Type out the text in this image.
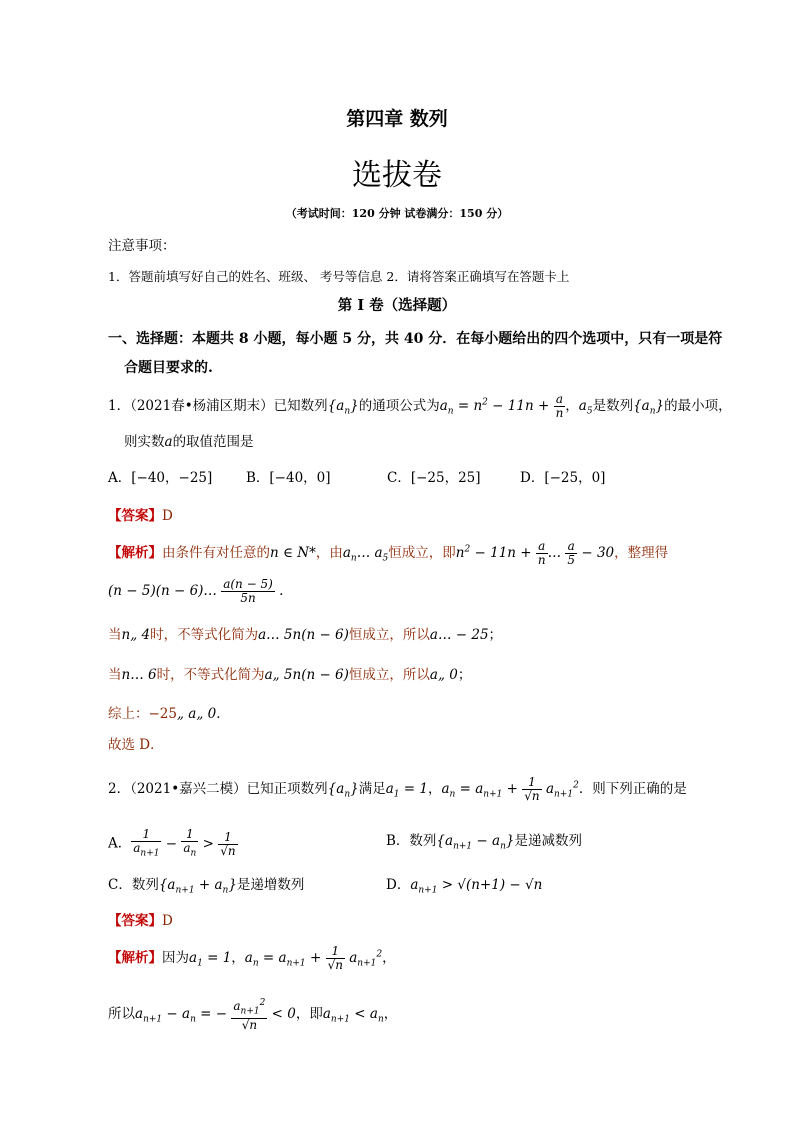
第四章 数列
选拔卷
（考试时间：120 分钟 试卷满分：150 分）
注意事项：
1．答题前填写好自己的姓名、班级、 考号等信息 2．请将答案正确填写在答题卡上
第 I 卷（选择题）
一、选择题：本题共 8 小题，每小题 5 分，共 40 分．在每小题给出的四个选项中，只有一项是符
合题目要求的.
1．（2021春•杨浦区期末）已知数列$\{a_n\}$的通项公式为$a_n = n^2 - 11n + \frac{a}{n}$ ，$a_5$是数列$\{a_n\}$的最小项，
则实数a的取值范围是
A．[−40，−25] B．[−40，0]	C．[−25，25]	D．[−25，0]
【答案】D
【解析】由条件有对任意的n ∈ N*，由$a_n\dots$ $a_5$恒成立，即$n^2 - 11n + \frac{a}{n}$ … $\frac{a}{5} - 30$，整理得
(n − 5)(n − 6)… $\frac{a(n - 5)}{5n}$ .
当n„ 4时，不等式化简为a… 5n(n − 6)恒成立，所以a… − 25；
当n… 6时，不等式化简为a„ 5n(n − 6)恒成立，所以a„ 0；
综上：−25„ a„ 0．
故选 D．
2．（2021•嘉兴二模）已知正项数列$\{a_n\}$满足$a_1 = 1$，$a_n = a_{n+1} + \frac{1}{√n} a_{n+1}^2$．则下列正确的是
A． $\frac{1}{a_{n+1}} - \frac{1}{a_n} > \frac{1}{√n}$	B．数列$\{a_{n+1} - a_n\}$是递减数列
C．数列$\{a_{n+1} + a_n\}$是递增数列	D．$a_{n+1} > √(n+1) - √n$
【答案】D
【解析】因为$a_1 = 1$，$a_n = a_{n+1} + \frac{1}{√n} a_{n+1}^2$，
所以$a_{n+1} - a_n$ = − $\frac{a_{n+1}^2}{√n} < 0$，即$a_{n+1} < a_n$，
